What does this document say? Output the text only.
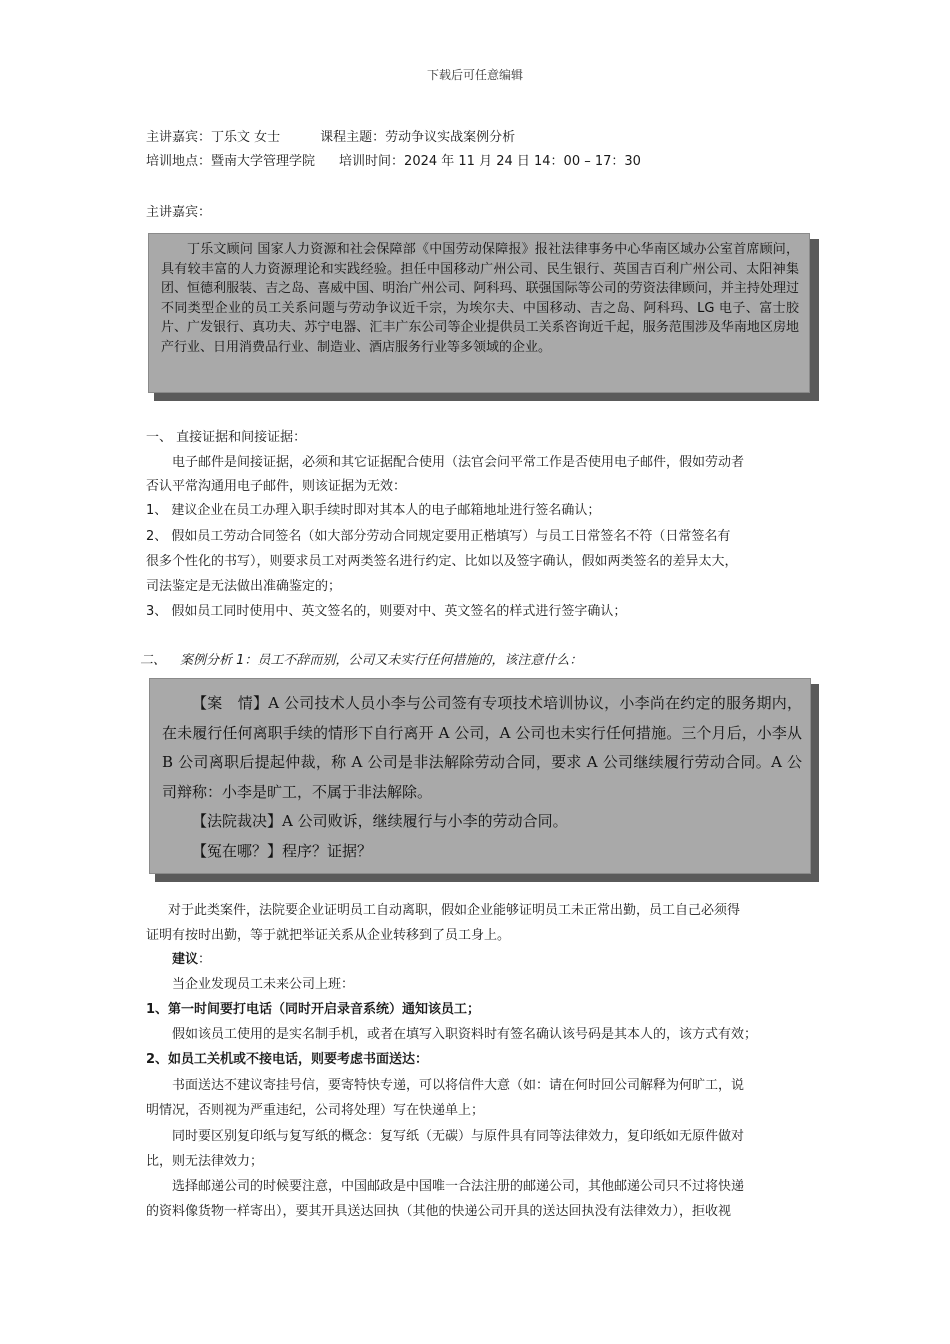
下载后可任意编辑
主讲嘉宾：丁乐文 女士	课程主题：劳动争议实战案例分析
培训地点：暨南大学管理学院 培训时间：2024 年 11 月 24 日 14：00 – 17：30
主讲嘉宾：

丁乐文顾问 国家人力资源和社会保障部《中国劳动保障报》报社法律事务中心华南区域办公室首席顾问，具有较丰富的人力资源理论和实践经验。担任中国移动广州公司、民生银行、英国吉百利广州公司、太阳神集团、恒德利服装、吉之岛、喜威中国、明治广州公司、阿科玛、联强国际等公司的劳资法律顾问，并主持处理过不同类型企业的员工关系问题与劳动争议近千宗，为埃尔夫、中国移动、吉之岛、阿科玛、LG 电子、富士胶片、广发银行、真功夫、苏宁电器、汇丰广东公司等企业提供员工关系咨询近千起，服务范围涉及华南地区房地产行业、日用消费品行业、制造业、酒店服务行业等多领域的企业。

一、 直接证据和间接证据：
电子邮件是间接证据，必须和其它证据配合使用（法官会问平常工作是否使用电子邮件，假如劳动者
否认平常沟通用电子邮件，则该证据为无效：
1、 建议企业在员工办理入职手续时即对其本人的电子邮箱地址进行签名确认；
2、 假如员工劳动合同签名（如大部分劳动合同规定要用正楷填写）与员工日常签名不符（日常签名有
很多个性化的书写），则要求员工对两类签名进行约定、比如以及签字确认，假如两类签名的差异太大，
司法鉴定是无法做出准确鉴定的；
3、 假如员工同时使用中、英文签名的，则要对中、英文签名的样式进行签字确认；
二、 案例分析 1：员工不辞而别，公司又未实行任何措施的，该注意什么：

【案　情】A 公司技术人员小李与公司签有专项技术培训协议，小李尚在约定的服务期内，在未履行任何离职手续的情形下自行离开 A 公司，A 公司也未实行任何措施。三个月后，小李从 B 公司离职后提起仲裁，称 A 公司是非法解除劳动合同，要求 A 公司继续履行劳动合同。A 公司辩称：小李是旷工，不属于非法解除。

【法院裁决】A 公司败诉，继续履行与小李的劳动合同。

【冤在哪？】程序？证据？

对于此类案件，法院要企业证明员工自动离职，假如企业能够证明员工未正常出勤，员工自己必须得
证明有按时出勤，等于就把举证关系从企业转移到了员工身上。
建议：
当企业发现员工未来公司上班：
1、第一时间要打电话（同时开启录音系统）通知该员工；
假如该员工使用的是实名制手机，或者在填写入职资料时有签名确认该号码是其本人的，该方式有效；
2、如员工关机或不接电话，则要考虑书面送达：
书面送达不建议寄挂号信，要寄特快专递，可以将信件大意（如：请在何时回公司解释为何旷工，说
明情况，否则视为严重违纪，公司将处理）写在快递单上；
同时要区别复印纸与复写纸的概念：复写纸（无碳）与原件具有同等法律效力，复印纸如无原件做对
比，则无法律效力；
选择邮递公司的时候要注意，中国邮政是中国唯一合法注册的邮递公司，其他邮递公司只不过将快递
的资料像货物一样寄出），要其开具送达回执（其他的快递公司开具的送达回执没有法律效力），拒收视
